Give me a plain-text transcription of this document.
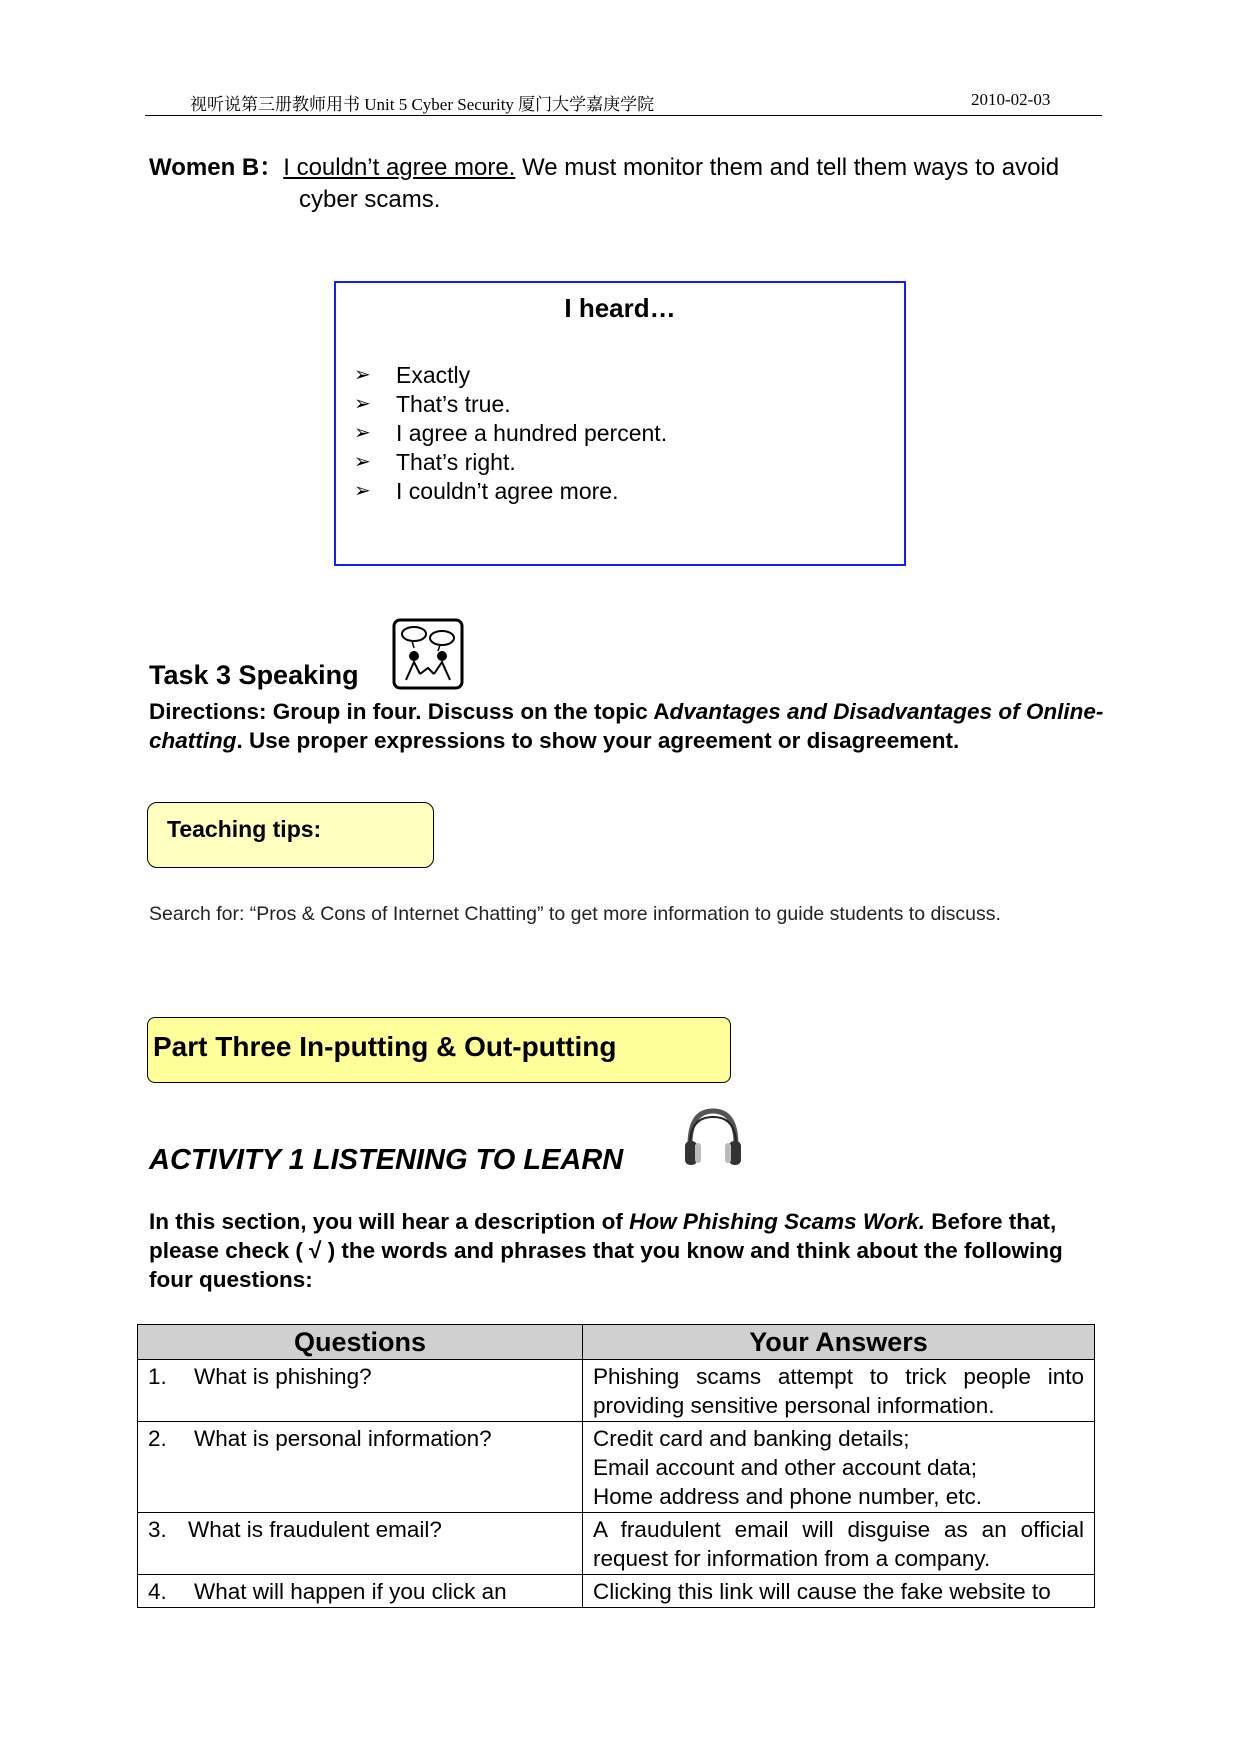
视听说第三册教师用书 Unit 5 Cyber Security 厦门大学嘉庚学院	2010-02-03
Women B：I couldn’t agree more. We must monitor them and tell them ways to avoid
cyber scams.
I heard…
➢	Exactly
➢	That’s true.
➢	I agree a hundred percent.
➢	That’s right.
➢	I couldn’t agree more.
Task 3 Speaking
Directions: Group in four. Discuss on the topic Advantages and Disadvantages of Online-chatting. Use proper expressions to show your agreement or disagreement.
Teaching tips:
Search for: “Pros & Cons of Internet Chatting” to get more information to guide students to discuss.
Part Three In-putting & Out-putting
ACTIVITY 1 LISTENING TO LEARN
In this section, you will hear a description of How Phishing Scams Work. Before that, please check ( √ ) the words and phrases that you know and think about the following four questions:
Questions	Your Answers
1. What is phishing?	Phishing scams attempt to trick people into providing sensitive personal information.
2. What is personal information?	Credit card and banking details;
Email account and other account data;
Home address and phone number, etc.

3. What is fraudulent email?	A fraudulent email will disguise as an official request for information from a company.
4. What will happen if you click an	Clicking this link will cause the fake website to
